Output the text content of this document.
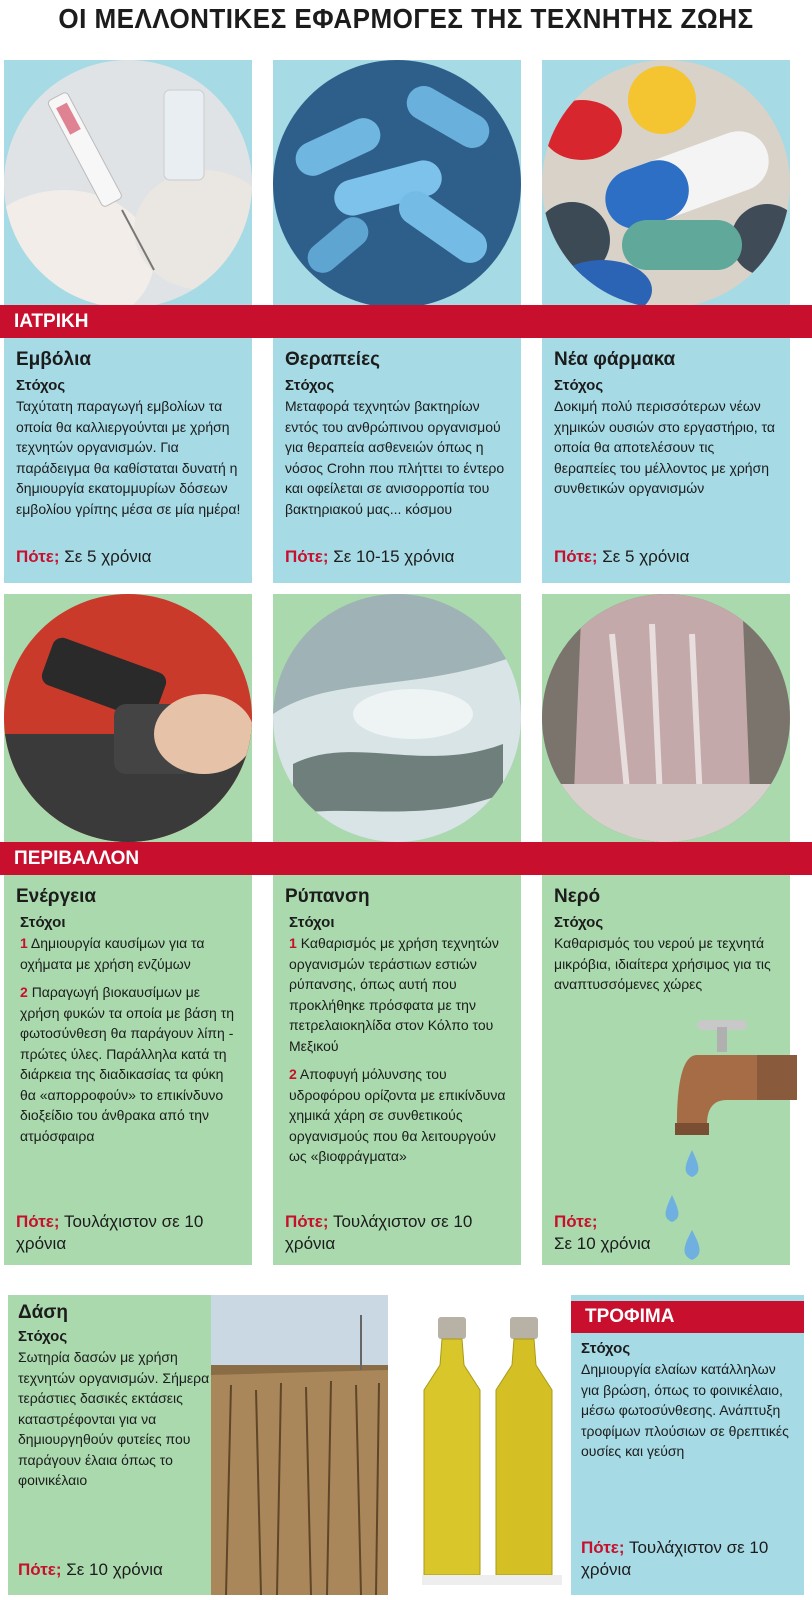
ΟΙ ΜΕΛΛΟΝΤΙΚΕΣ ΕΦΑΡΜΟΓΕΣ ΤΗΣ ΤΕΧΝΗΤΗΣ ΖΩΗΣ
ΙΑΤΡΙΚΗ
Εμβόλια
Στόχος

Ταχύτατη παραγωγή εμβολίων τα οποία θα καλλιεργούνται με χρήση τεχνητών οργανισμών. Για παράδειγμα θα καθίσταται δυνατή η δημιουργία εκατομμυρίων δόσεων εμβολίου γρίπης μέσα σε μία ημέρα!

Πότε; Σε 5 χρόνια
Θεραπείες
Στόχος

Μεταφορά τεχνητών βακτηρίων εντός του ανθρώπινου οργανισμού για θεραπεία ασθενειών όπως η νόσος Crohn που πλήττει το έντερο και οφείλεται σε ανισορροπία του βακτηριακού μας... κόσμου

Πότε; Σε 10-15 χρόνια
Νέα φάρμακα
Στόχος

Δοκιμή πολύ περισσότερων νέων χημικών ουσιών στο εργαστήριο, τα οποία θα αποτελέσουν τις θεραπείες του μέλλοντος με χρήση συνθετικών οργανισμών

Πότε; Σε 5 χρόνια
ΠΕΡΙΒΑΛΛΟΝ
Ενέργεια
Στόχοι

1 Δημιουργία καυσίμων για τα οχήματα με χρήση ενζύμων

2 Παραγωγή βιοκαυσίμων με χρήση φυκών τα οποία με βάση τη φωτοσύνθεση θα παράγουν λίπη - πρώτες ύλες. Παράλληλα κατά τη διάρκεια της διαδικασίας τα φύκη θα «απορροφούν» το επικίνδυνο διοξείδιο του άνθρακα από την ατμόσφαιρα

Πότε; Τουλάχιστον σε 10 χρόνια
Ρύπανση
Στόχοι

1 Καθαρισμός με χρήση τεχνητών οργανισμών τεράστιων εστιών ρύπανσης, όπως αυτή που προκλήθηκε πρόσφατα με την πετρελαιοκηλίδα στον Κόλπο του Μεξικού

2 Αποφυγή μόλυνσης του υδροφόρου ορίζοντα με επικίνδυνα χημικά χάρη σε συνθετικούς οργανισμούς που θα λειτουργούν ως «βιοφράγματα»

Πότε; Τουλάχιστον σε 10 χρόνια
Νερό
Στόχος

Καθαρισμός του νερού με τεχνητά μικρόβια, ιδιαίτερα χρήσιμος για τις αναπτυσσόμενες χώρες

Πότε;
Σε 10 χρόνια
Δάση
Στόχος

Σωτηρία δασών με χρήση τεχνητών οργανισμών. Σήμερα τεράστιες δασικές εκτάσεις καταστρέφονται για να δημιουργηθούν φυτείες που παράγουν έλαια όπως το φοινικέλαιο

Πότε; Σε 10 χρόνια
ΤΡΟΦΙΜΑ
Στόχος

Δημιουργία ελαίων κατάλληλων για βρώση, όπως το φοινικέλαιο, μέσω φωτοσύνθεσης. Ανάπτυξη τροφίμων πλούσιων σε θρεπτικές ουσίες και γεύση

Πότε; Τουλάχιστον σε 10 χρόνια
